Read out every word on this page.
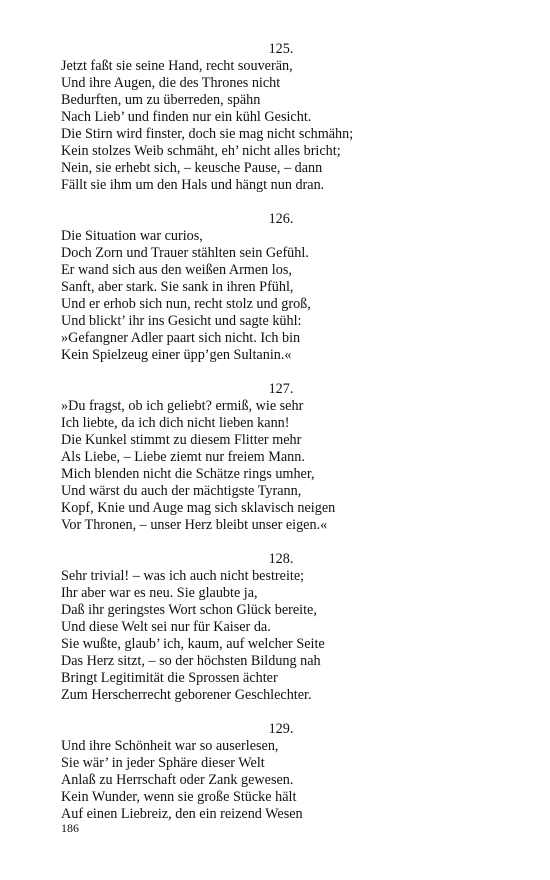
125.
Jetzt faßt sie seine Hand, recht souverän,
Und ihre Augen, die des Thrones nicht
Bedurften, um zu überreden, spähn
Nach Lieb’ und finden nur ein kühl Gesicht.
Die Stirn wird finster, doch sie mag nicht schmähn;
Kein stolzes Weib schmäht, eh’ nicht alles bricht;
Nein, sie erhebt sich, – keusche Pause, – dann
Fällt sie ihm um den Hals und hängt nun dran.
126.
Die Situation war curios,
Doch Zorn und Trauer stählten sein Gefühl.
Er wand sich aus den weißen Armen los,
Sanft, aber stark. Sie sank in ihren Pfühl,
Und er erhob sich nun, recht stolz und groß,
Und blickt’ ihr ins Gesicht und sagte kühl:
»Gefangner Adler paart sich nicht. Ich bin
Kein Spielzeug einer üpp’gen Sultanin.«
127.
»Du fragst, ob ich geliebt? ermiß, wie sehr
Ich liebte, da ich dich nicht lieben kann!
Die Kunkel stimmt zu diesem Flitter mehr
Als Liebe, – Liebe ziemt nur freiem Mann.
Mich blenden nicht die Schätze rings umher,
Und wärst du auch der mächtigste Tyrann,
Kopf, Knie und Auge mag sich sklavisch neigen
Vor Thronen, – unser Herz bleibt unser eigen.«
128.
Sehr trivial! – was ich auch nicht bestreite;
Ihr aber war es neu. Sie glaubte ja,
Daß ihr geringstes Wort schon Glück bereite,
Und diese Welt sei nur für Kaiser da.
Sie wußte, glaub’ ich, kaum, auf welcher Seite
Das Herz sitzt, – so der höchsten Bildung nah
Bringt Legitimität die Sprossen ächter
Zum Herscherrecht geborener Geschlechter.
129.
Und ihre Schönheit war so auserlesen,
Sie wär’ in jeder Sphäre dieser Welt
Anlaß zu Herrschaft oder Zank gewesen.
Kein Wunder, wenn sie große Stücke hält
Auf einen Liebreiz, den ein reizend Wesen
186
